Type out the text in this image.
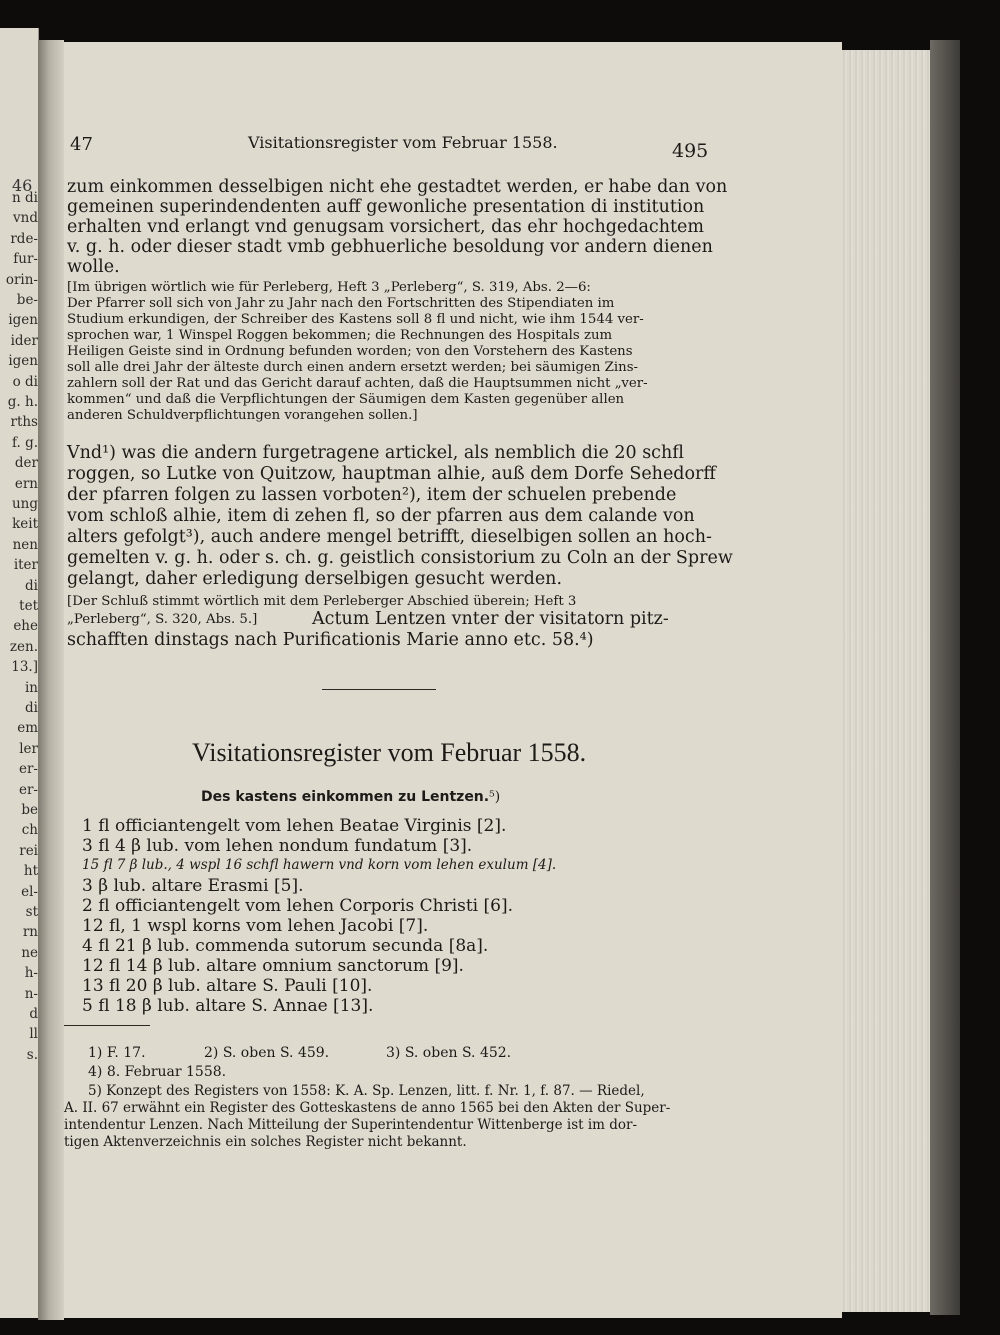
46
n di
vnd
rde-
fur-
orin-
be-
igen
ider
igen
o di
g. h.
rths
f. g.
der
ern
ung
keit
nen
iter
di
tet
ehe
zen.
13.]
in
di
em
ler
er-
er-
be
ch
rei
ht
el-
st
rn
ne
h-
n-
d
ll
s.
47	Visitationsregister vom Februar 1558.	495
zum einkommen desselbigen nicht ehe gestadtet werden, er habe dan von
gemeinen superindendenten auff gewonliche presentation di institution
erhalten vnd erlangt vnd genugsam vorsichert, das ehr hochgedachtem
v. g. h. oder dieser stadt vmb gebhuerliche besoldung vor andern dienen
wolle.
[Im übrigen wörtlich wie für Perleberg, Heft 3 „Perleberg“, S. 319, Abs. 2—6:
Der Pfarrer soll sich von Jahr zu Jahr nach den Fortschritten des Stipendiaten im
Studium erkundigen, der Schreiber des Kastens soll 8 fl und nicht, wie ihm 1544 ver-
sprochen war, 1 Winspel Roggen bekommen; die Rechnungen des Hospitals zum
Heiligen Geiste sind in Ordnung befunden worden; von den Vorstehern des Kastens
soll alle drei Jahr der älteste durch einen andern ersetzt werden; bei säumigen Zins-
zahlern soll der Rat und das Gericht darauf achten, daß die Hauptsummen nicht „ver-
kommen“ und daß die Verpflichtungen der Säumigen dem Kasten gegenüber allen
anderen Schuldverpflichtungen vorangehen sollen.]
Vnd¹) was die andern furgetragene artickel, als nemblich die 20 schfl
roggen, so Lutke von Quitzow, hauptman alhie, auß dem Dorfe Sehedorff
der pfarren folgen zu lassen vorboten²), item der schuelen prebende
vom schloß alhie, item di zehen fl, so der pfarren aus dem calande von
alters gefolgt³), auch andere mengel betrifft, dieselbigen sollen an hoch-
gemelten v. g. h. oder s. ch. g. geistlich consistorium zu Coln an der Sprew
gelangt, daher erledigung derselbigen gesucht werden.
[Der Schluß stimmt wörtlich mit dem Perleberger Abschied überein; Heft 3
„Perleberg“, S. 320, Abs. 5.]	Actum Lentzen vnter der visitatorn pitz-
schafften dinstags nach Purificationis Marie anno etc. 58.⁴)
Visitationsregister vom Februar 1558.
Des kastens einkommen zu Lentzen.⁵)
1 fl officiantengelt vom lehen Beatae Virginis [2].
3 fl 4 β lub. vom lehen nondum fundatum [3].
15 fl 7 β lub., 4 wspl 16 schfl hawern vnd korn vom lehen exulum [4].
3 β lub. altare Erasmi [5].
2 fl officiantengelt vom lehen Corporis Christi [6].
12 fl, 1 wspl korns vom lehen Jacobi [7].
4 fl 21 β lub. commenda sutorum secunda [8a].
12 fl 14 β lub. altare omnium sanctorum [9].
13 fl 20 β lub. altare S. Pauli [10].
5 fl 18 β lub. altare S. Annae [13].
1) F. 17.	2) S. oben S. 459.	3) S. oben S. 452.
4) 8. Februar 1558.
5) Konzept des Registers von 1558: K. A. Sp. Lenzen, litt. f. Nr. 1, f. 87. — Riedel,
A. II. 67 erwähnt ein Register des Gotteskastens de anno 1565 bei den Akten der Super-
intendentur Lenzen. Nach Mitteilung der Superintendentur Wittenberge ist im dor-
tigen Aktenverzeichnis ein solches Register nicht bekannt.
